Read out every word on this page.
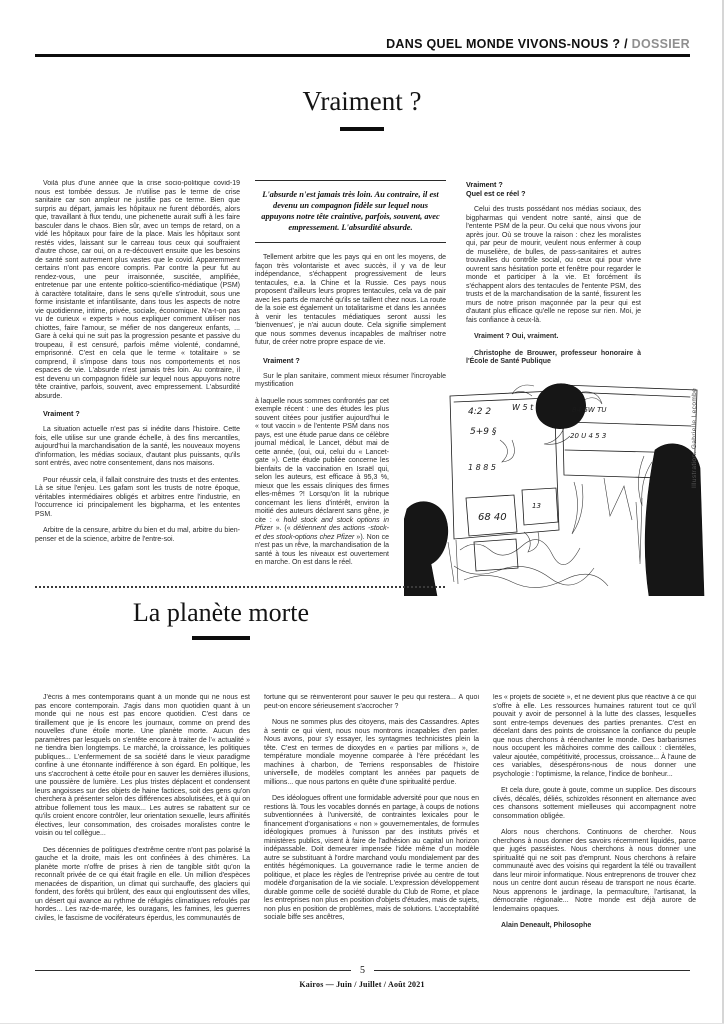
DANS QUEL MONDE VIVONS-NOUS ? / DOSSIER
Vraiment ?

Voilà plus d'une année que la crise socio-politique covid-19 nous est tombée dessus. Je n'utilise pas le terme de crise sanitaire car son ampleur ne justifie pas ce terme. Bien que surpris au départ, jamais les hôpitaux ne furent débordés, alors que, travaillant à flux tendu, une pichenette aurait suffi à les faire basculer dans le chaos. Bien sûr, avec un temps de retard, on a vidé les hôpitaux pour faire de la place. Mais les hôpitaux sont restés vides, laissant sur le carreau tous ceux qui souffraient d'autre chose, car oui, on a re-découvert ensuite que les besoins de santé sont autrement plus vastes que le covid. Apparemment certains n'ont pas encore compris. Par contre la peur fut au rendez-vous, une peur irraisonnée, suscitée, amplifiée, entretenue par une entente politico-scientifico-médiatique (PSM) à caractère totalitaire, dans le sens qu'elle s'introduit, sous une forme insistante et infantilisante, dans tous les aspects de notre vie quotidienne, intime, privée, sociale, économique. N'a-t-on pas vu de curieux « experts » nous expliquer comment utiliser nos chiottes, faire l'amour, se méfier de nos dangereux enfants, ... Gare à celui qui ne suit pas la progression pesante et passive du troupeau, il est censuré, parfois même violenté, condamné, emprisonné. C'est en cela que le terme « totalitaire » se comprend, il s'impose dans tous nos comportements et nos espaces de vie. L'absurde n'est jamais très loin. Au contraire, il est devenu un compagnon fidèle sur lequel nous appuyons notre tête craintive, parfois, souvent, avec empressement. L'absurdité absurde.

Vraiment ?

La situation actuelle n'est pas si inédite dans l'histoire. Cette fois, elle utilise sur une grande échelle, à des fins mercantiles, aujourd'hui la marchandisation de la santé, les nouveaux moyens d'information, les médias sociaux, d'autant plus puissants, qu'ils sont entrés, avec notre consentement, dans nos maisons.

Pour réussir cela, il fallait construire des trusts et des ententes. Là se situe l'enjeu. Les gafam sont les trusts de notre époque, véritables intermédiaires obligés et arbitres entre l'industrie, en l'occurrence ici principalement les bigpharma, et les ententes PSM.

Arbitre de la censure, arbitre du bien et du mal, arbitre du bien-penser et de la science, arbitre de l'entre-soi.

L'absurde n'est jamais très loin. Au contraire, il est devenu un compagnon fidèle sur lequel nous appuyons notre tête craintive, parfois, souvent, avec empressement. L'absurdité absurde.

Tellement arbitre que les pays qui en ont les moyens, de façon très volontariste et avec succès, il y va de leur indépendance, s'échappent progressivement de leurs tentacules, e.a. la Chine et la Russie. Ces pays nous proposent d'ailleurs leurs propres tentacules, cela va de pair avec les parts de marché qu'ils se taillent chez nous. La route de la soie est également un totalitarisme et dans les années à venir les tentacules médiatiques seront aussi les 'bienvenues', je n'ai aucun doute. Cela signifie simplement que nous sommes devenus incapables de maîtriser notre futur, de créer notre propre espace de vie.

Vraiment ?

Sur le plan sanitaire, comment mieux résumer l'incroyable mystification

à laquelle nous sommes confrontés par cet exemple récent : une des études les plus souvent citées pour justifier aujourd'hui le « tout vaccin » de l'entente PSM dans nos pays, est une étude parue dans ce célèbre journal médical, le Lancet, début mai de cette année, (oui, oui, celui du « Lancet-gate »). Cette étude publiée concerne les bienfaits de la vaccination en Israël qui, selon les auteurs, est efficace à 95,3 %, mieux que les essais cliniques des firmes elles-mêmes ?! Lorsqu'on lit la rubrique concernant les liens d'intérêt, environ la moitié des auteurs déclarent sans gêne, je cite : « hold stock and stock options in Pfizer ». (« détiennent des actions -stock- et des stock-options chez Pfizer »). Non ce n'est pas un rêve, la marchandisation de la santé à tous les niveaux est ouvertement en marche. On est dans le réel.

Vraiment ?
Quel est ce réel ?

Celui des trusts possédant nos médias sociaux, des bigpharmas qui vendent notre santé, ainsi que de l'entente PSM de la peur. Ou celui que nous vivons jour après jour. Où se trouve la raison : chez les moralistes qui, par peur de mourir, veulent nous enfermer à coup de muselière, de bulles, de pass-sanitaires et autres trouvailles du contrôle social, ou ceux qui pour vivre ouvrent sans hésitation porte et fenêtre pour regarder le monde et participer à la vie. Et forcément ils s'échappent alors des tentacules de l'entente PSM, des trusts et de la marchandisation de la santé, fissurent les murs de notre prison maçonnée par la peur qui est d'autant plus efficace qu'elle ne repose sur rien. Moi, je fais confiance à ceux-là.

Vraiment ? Oui, vraiment.

Christophe de Brouwer, professeur honoraire à l'École de Santé Publique

4:2 2	W 5 t
5+9 §
1 8 8 5
B4 5W TU
20 U 4 5 3
68 40
13
Illustration: Gabrielle Lecombe
La planète morte

J'écris à mes contemporains quant à un monde qui ne nous est pas encore contemporain. J'agis dans mon quotidien quant à un monde qui ne nous est pas encore quotidien. C'est dans ce tiraillement que je lis encore les journaux, comme on prend des nouvelles d'une étoile morte. Une planète morte. Aucun des paramètres par lesquels on s'entête encore à traiter de l'« actualité » ne tiendra bien longtemps. Le marché, la croissance, les politiques publiques... L'enfermement de sa société dans le vieux paradigme confine à une étonnante indifférence à son égard. En politique, les uns s'accrochent à cette étoile pour en sauver les dernières illusions, une poussière de lumière. Les plus tristes déplacent et condensent leurs angoisses sur des objets de haine factices, soit des gens qu'on cherchera à présenter selon des différences absolutisées, et à qui on attribue follement tous les maux... Les autres se rabattent sur ce qu'ils croient encore contrôler, leur orientation sexuelle, leurs affinités électives, leur consommation, des croisades moralistes contre le voisin ou tel collègue...

Des décennies de politiques d'extrême centre n'ont pas polarisé la gauche et la droite, mais les ont confinées à des chimères. La planète morte n'offre de prises à rien de tangible sitôt qu'on la reconnaît privée de ce qui était fragile en elle. Un million d'espèces menacées de disparition, un climat qui surchauffe, des glaciers qui fondent, des forêts qui brûlent, des eaux qui engloutissent des villes, un désert qui avance au rythme de réfugiés climatiques refoulés par hordes... Les raz-de-marée, les ouragans, les famines, les guerres civiles, le fascisme de vociférateurs éperdus, les communautés de

fortune qui se réinventeront pour sauver le peu qui restera... À quoi peut-on encore sérieusement s'accrocher ?

Nous ne sommes plus des citoyens, mais des Cassandres. Aptes à sentir ce qui vient, nous nous montrons incapables d'en parler. Nous avons, pour s'y essayer, les syntagmes technicistes plein la tête. C'est en termes de dioxydes en « parties par millions », de température mondiale moyenne comparée à l'ère précédant les machines à charbon, de Terriens responsables de l'histoire universelle, de modèles comptant les années par paquets de millions... que nous partons en quête d'une spiritualité perdue.

Des idéologues offrent une formidable adversité pour que nous en restions là. Tous les vocables donnés en partage, à coups de notions subventionnées à l'université, de contraintes lexicales pour le financement d'organisations « non » gouvernementales, de formules idéologiques promues à l'unisson par des instituts privés et ministères publics, visent à faire de l'adhésion au capital un horizon indépassable. Doit demeurer impensée l'idée même d'un modèle autre se substituant à l'ordre marchand voulu mondialement par des entités hégémoniques. La gouvernance radie le terme ancien de politique, et place les règles de l'entreprise privée au centre de tout modèle d'organisation de la vie sociale. L'expression développement durable gomme celle de société durable du Club de Rome, et place les entreprises non plus en position d'objets d'études, mais de sujets, non plus en position de problèmes, mais de solutions. L'acceptabilité sociale biffe ses ancêtres,

les « projets de société », et ne devient plus que réactive à ce qui s'offre à elle. Les ressources humaines raturent tout ce qu'il pouvait y avoir de personnel à la lutte des classes, lesquelles sont entre-temps devenues des parties prenantes. C'est en décelant dans des points de croissance la confiance du peuple que nous cherchons à réenchanter le monde. Des barbarismes nous occupent les mâchoires comme des cailloux : clientèles, valeur ajoutée, compétitivité, processus, croissance... À l'aune de ces variables, désespérons-nous de nous donner une psychologie : l'optimisme, la relance, l'indice de bonheur...

Et cela dure, goute à goute, comme un supplice. Des discours clivés, décalés, déliés, schizoïdes résonnent en alternance avec ces chansons sottement mielleuses qui accompagnent notre consommation obligée.

Alors nous cherchons. Continuons de chercher. Nous cherchons à nous donner des savoirs récemment liquidés, parce que jugés passéistes. Nous cherchons à nous donner une spiritualité qui ne soit pas d'emprunt. Nous cherchons à refaire communauté avec des voisins qui regardent la télé ou travaillent dans leur miroir informatique. Nous entreprenons de trouver chez nous un centre dont aucun réseau de transport ne nous écarte. Nous apprenons le jardinage, la permaculture, l'artisanat, la démocratie régionale... Notre monde est déjà aurore de lendemains opaques.

Alain Deneault, Philosophe

5
Kairos — Juin / Juillet / Août 2021
